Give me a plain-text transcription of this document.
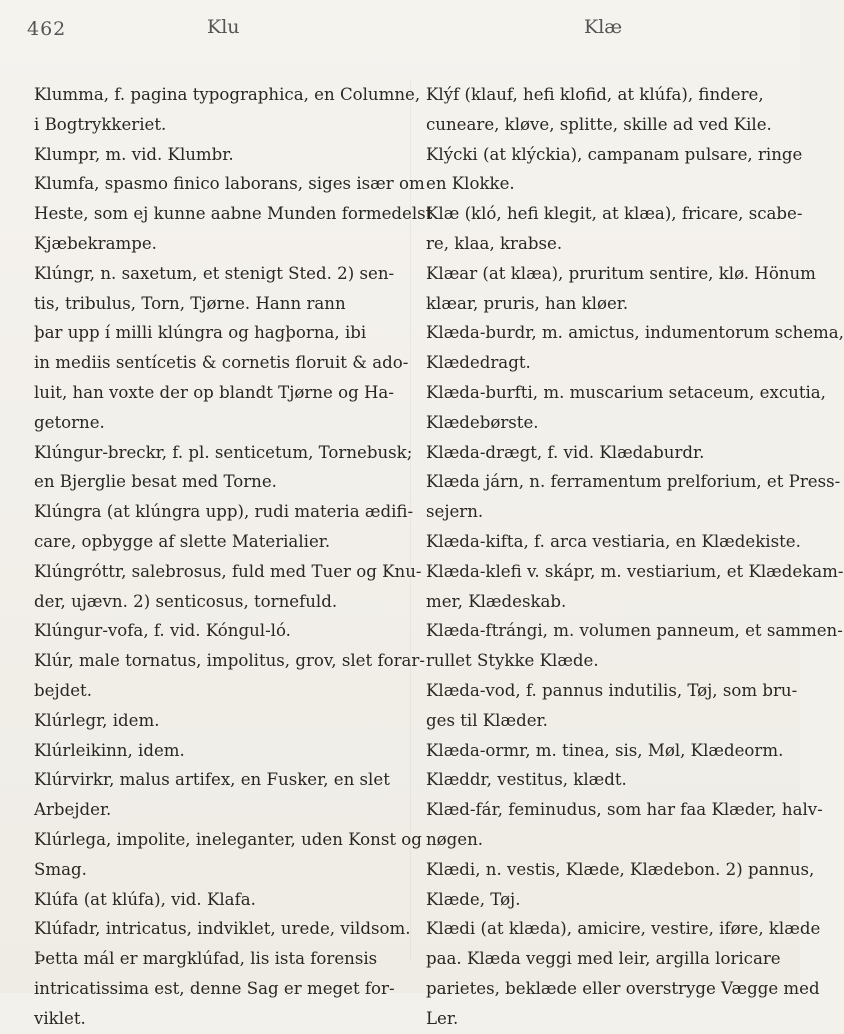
462	Klu	Klæ
Klumma, f. pagina typographica, en Columne,
i Bogtrykkeriet.
Klumpr, m. vid. Klumbr.
Klumfa, spasmo finico laborans, siges især om
Heste, som ej kunne aabne Munden formedelst
Kjæbekrampe.
Klúngr, n. saxetum, et stenigt Sted. 2) sen-
tis, tribulus, Torn, Tjørne. Hann rann
þar upp í milli klúngra og hagþorna, ibi
in mediis sentícetis & cornetis floruit & ado-
luit, han voxte der op blandt Tjørne og Ha-
getorne.
Klúngur-breckr, f. pl. senticetum, Tornebusk;
en Bjerglie besat med Torne.
Klúngra (at klúngra upp), rudi materia ædifi-
care, opbygge af slette Materialier.
Klúngróttr, salebrosus, fuld med Tuer og Knu-
der, ujævn. 2) senticosus, tornefuld.
Klúngur-vofa, f. vid. Kóngul-ló.
Klúr, male tornatus, impolitus, grov, slet forar-
bejdet.
Klúrlegr, idem.
Klúrleikinn, idem.
Klúrvirkr, malus artifex, en Fusker, en slet
Arbejder.
Klúrlega, impolite, ineleganter, uden Konst og
Smag.
Klúfa (at klúfa), vid. Klafa.
Klúfadr, intricatus, indviklet, urede, vildsom.
Þetta mál er margklúfad, lis ista forensis
intricatissima est, denne Sag er meget for-
viklet.
Klýf (klauf, hefi klofid, at klúfa), findere,
cuneare, kløve, splitte, skille ad ved Kile.
Klýcki (at klýckia), campanam pulsare, ringe
en Klokke.
Klæ (kló, hefi klegit, at klæa), fricare, scabe-
re, klaa, krabse.
Klæar (at klæa), pruritum sentire, klø. Hönum
klæar, pruris, han kløer.
Klæda-burdr, m. amictus, indumentorum schema,
Klædedragt.
Klæda-burfti, m. muscarium setaceum, excutia,
Klædebørste.
Klæda-drægt, f. vid. Klædaburdr.
Klæda járn, n. ferramentum prelforium, et Press-
sejern.
Klæda-kifta, f. arca vestiaria, en Klædekiste.
Klæda-klefi v. skápr, m. vestiarium, et Klædekam-
mer, Klædeskab.
Klæda-ftrángi, m. volumen panneum, et sammen-
rullet Stykke Klæde.
Klæda-vod, f. pannus indutilis, Tøj, som bru-
ges til Klæder.
Klæda-ormr, m. tinea, sis, Møl, Klædeorm.
Klæddr, vestitus, klædt.
Klæd-fár, feminudus, som har faa Klæder, halv-
nøgen.
Klædi, n. vestis, Klæde, Klædebon. 2) pannus,
Klæde, Tøj.
Klædi (at klæda), amicire, vestire, iføre, klæde
paa. Klæda veggi med leir, argilla loricare
parietes, beklæde eller overstryge Vægge med
Ler.
